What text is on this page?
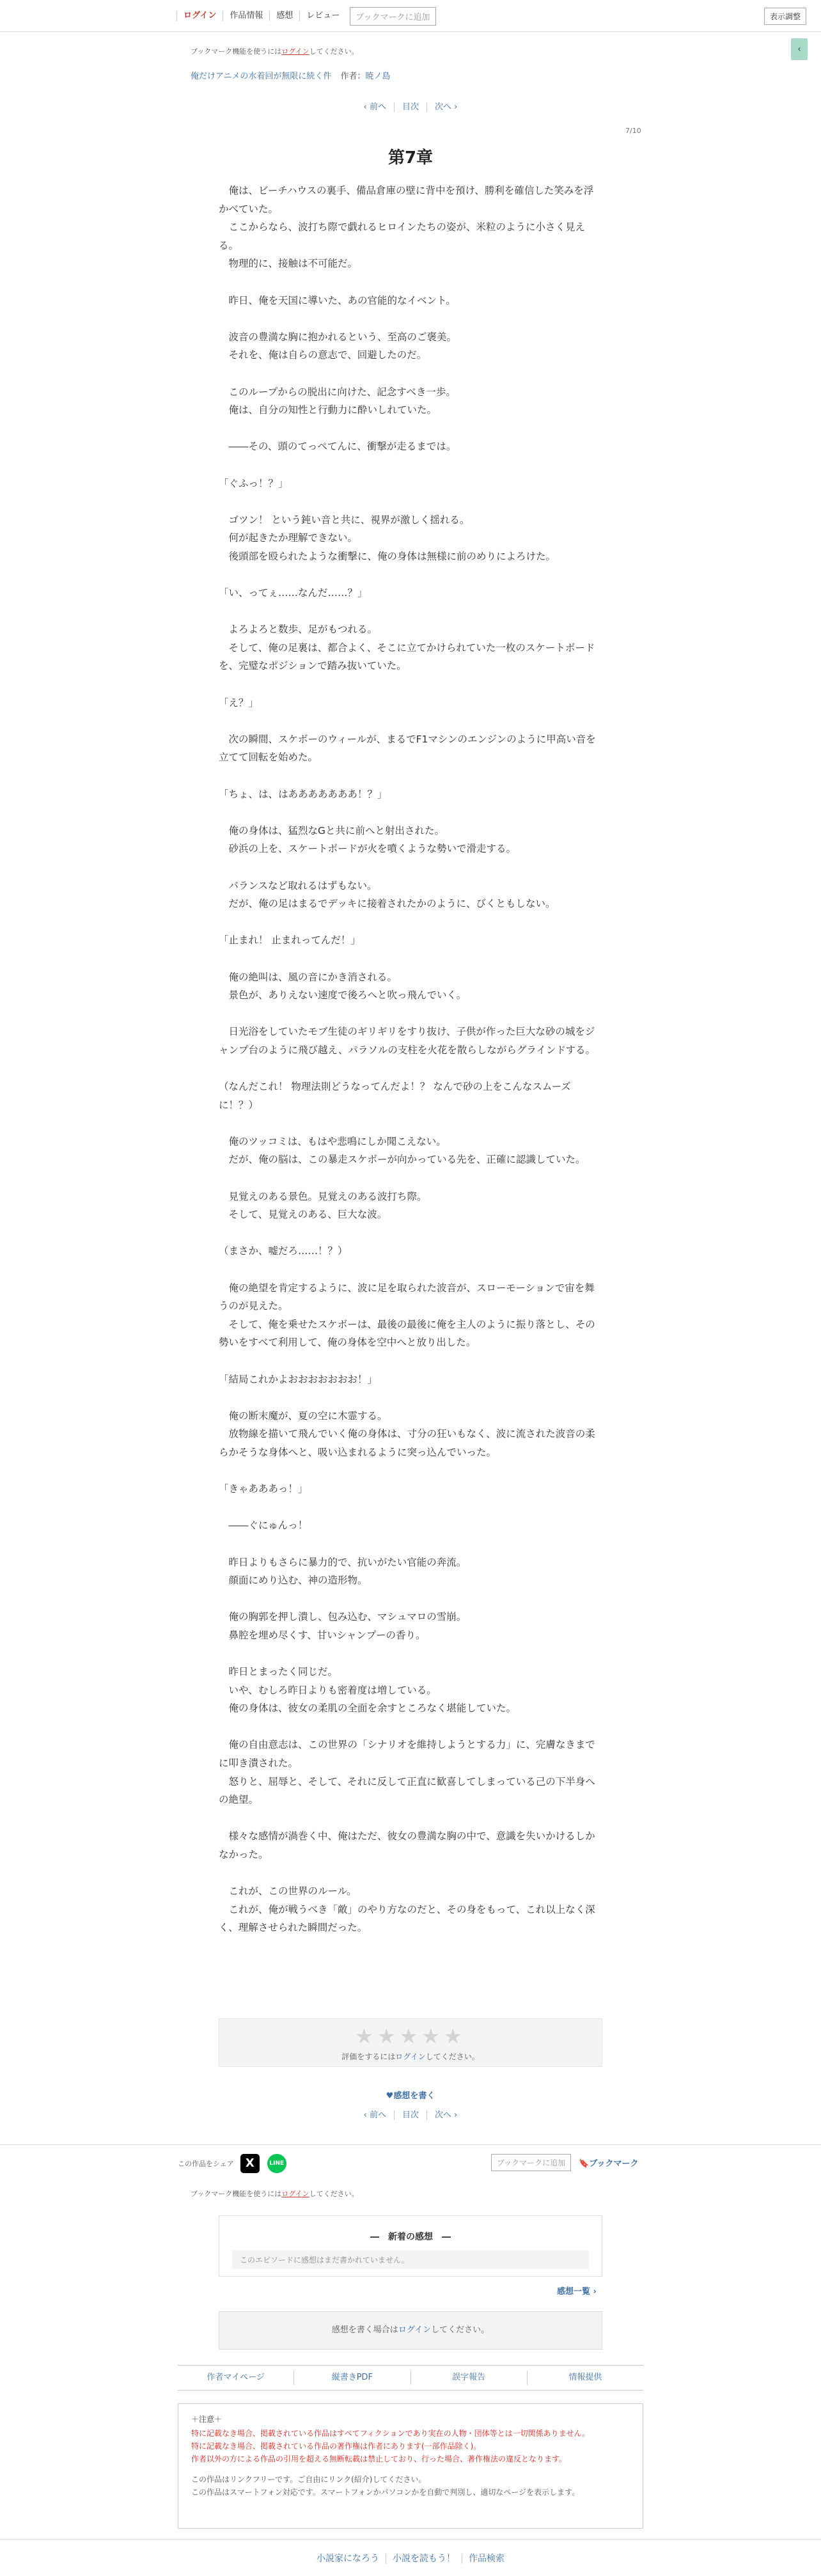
ログイン	作品情報	感想	レビュー	ブックマークに追加	表示調整
‹
ブックマーク機能を使うにはログインしてください。
俺だけアニメの水着回が無限に続く件 作者：暁ノ島
‹ 前へ 目次 次へ ›
7/10
第7章

　俺は、ビーチハウスの裏手、備品倉庫の壁に背中を預け、勝利を確信した笑みを浮かべていた。

　ここからなら、波打ち際で戯れるヒロインたちの姿が、米粒のように小さく見える。

　物理的に、接触は不可能だ。

　昨日、俺を天国に導いた、あの官能的なイベント。

　波音の豊満な胸に抱かれるという、至高のご褒美。

　それを、俺は自らの意志で、回避したのだ。

　このループからの脱出に向けた、記念すべき一歩。

　俺は、自分の知性と行動力に酔いしれていた。

　――その、頭のてっぺてんに、衝撃が走るまでは。

「ぐふっ！？」

　ゴツン！ という鈍い音と共に、視界が激しく揺れる。

　何が起きたか理解できない。

　後頭部を殴られたような衝撃に、俺の身体は無様に前のめりによろけた。

「い、ってぇ……なんだ……？」

　よろよろと数歩、足がもつれる。

　そして、俺の足裏は、都合よく、そこに立てかけられていた一枚のスケートボードを、完璧なポジションで踏み抜いていた。

「え？」

　次の瞬間、スケボーのウィールが、まるでF1マシンのエンジンのように甲高い音を立てて回転を始めた。

「ちょ、は、はあああああああ！？」

　俺の身体は、猛烈なGと共に前へと射出された。

　砂浜の上を、スケートボードが火を噴くような勢いで滑走する。

　バランスなど取れるはずもない。

　だが、俺の足はまるでデッキに接着されたかのように、びくともしない。

「止まれ！ 止まれってんだ！」

　俺の絶叫は、風の音にかき消される。

　景色が、ありえない速度で後ろへと吹っ飛んでいく。

　日光浴をしていたモブ生徒のギリギリをすり抜け、子供が作った巨大な砂の城をジャンプ台のように飛び越え、パラソルの支柱を火花を散らしながらグラインドする。

（なんだこれ！ 物理法則どうなってんだよ！？ なんで砂の上をこんなスムーズに！？）

　俺のツッコミは、もはや悲鳴にしか聞こえない。

　だが、俺の脳は、この暴走スケボーが向かっている先を、正確に認識していた。

　見覚えのある景色。見覚えのある波打ち際。

　そして、見覚えのある、巨大な波。

（まさか、嘘だろ……！？）

　俺の絶望を肯定するように、波に足を取られた波音が、スローモーションで宙を舞うのが見えた。

　そして、俺を乗せたスケボーは、最後の最後に俺を主人のように振り落とし、その勢いをすべて利用して、俺の身体を空中へと放り出した。

「結局これかよおおおおおおお！」

　俺の断末魔が、夏の空に木霊する。

　放物線を描いて飛んでいく俺の身体は、寸分の狂いもなく、波に流された波音の柔らかそうな身体へと、吸い込まれるように突っ込んでいった。

「きゃあああっ！」

　――ぐにゅんっ！

　昨日よりもさらに暴力的で、抗いがたい官能の奔流。

　顔面にめり込む、神の造形物。

　俺の胸郭を押し潰し、包み込む、マシュマロの雪崩。

　鼻腔を埋め尽くす、甘いシャンプーの香り。

　昨日とまったく同じだ。

　いや、むしろ昨日よりも密着度は増している。

　俺の身体は、彼女の柔肌の全面を余すところなく堪能していた。

　俺の自由意志は、この世界の「シナリオを維持しようとする力」に、完膚なきまでに叩き潰された。

　怒りと、屈辱と、そして、それに反して正直に歓喜してしまっている己の下半身への絶望。

　様々な感情が渦巻く中、俺はただ、彼女の豊満な胸の中で、意識を失いかけるしかなかった。

　これが、この世界のルール。

　これが、俺が戦うべき「敵」のやり方なのだと、その身をもって、これ以上なく深く、理解させられた瞬間だった。

★★★★★
評価をするにはログインしてください。
♥感想を書く
‹ 前へ 目次 次へ ›
この作品をシェア	X	LINE	ブックマークに追加	🔖ブックマーク
ブックマーク機能を使うにはログインしてください。
―　新着の感想　―
このエピソードに感想はまだ書かれていません。
感想一覧 ›
感想を書く場合はログインしてください。
作者マイページ	縦書きPDF	誤字報告	情報提供
＋注意＋
特に記載なき場合、掲載されている作品はすべてフィクションであり実在の人物・団体等とは一切関係ありません。
特に記載なき場合、掲載されている作品の著作権は作者にあります(一部作品除く)。
作者以外の方による作品の引用を超える無断転載は禁止しており、行った場合、著作権法の違反となります。
この作品はリンクフリーです。ご自由にリンク(紹介)してください。
この作品はスマートフォン対応です。スマートフォンかパソコンかを自動で判別し、適切なページを表示します。
小説家になろう 小説を読もう！ 作品検索
